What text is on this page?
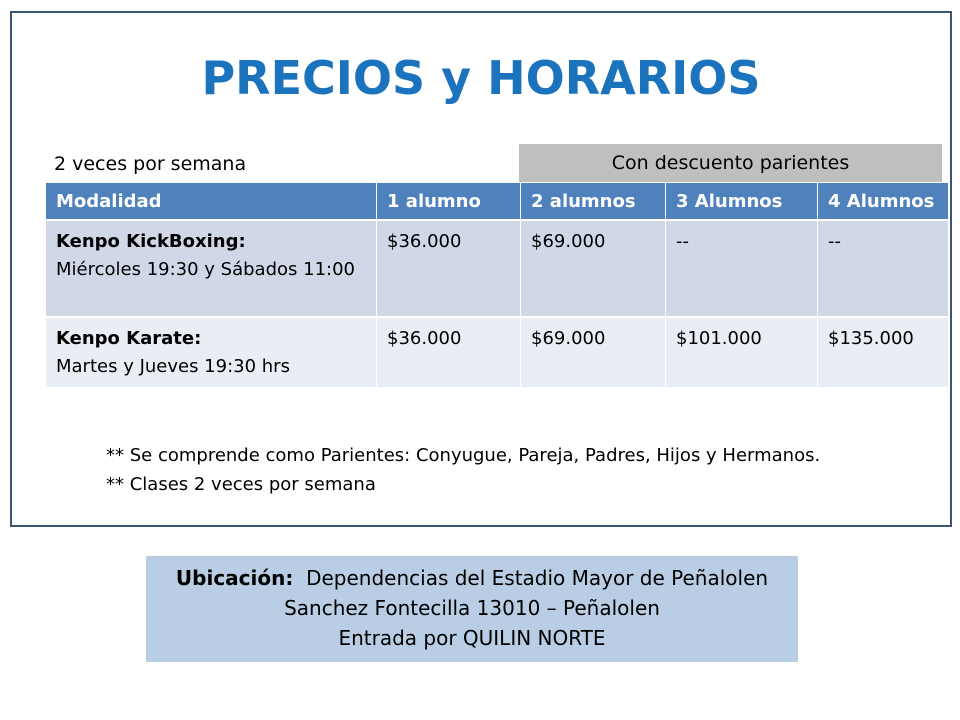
PRECIOS y HORARIOS
2 veces por semana	Con descuento parientes
Modalidad	1 alumno	2 alumnos	3 Alumnos	4 Alumnos

Kenpo KickBoxing:
Miércoles 19:30 y Sábados 11:00	$36.000	$69.000	--	--

Kenpo Karate:
Martes y Jueves 19:30 hrs	$36.000	$69.000	$101.000	$135.000
** Se comprende como Parientes: Conyugue, Pareja, Padres, Hijos y Hermanos.
** Clases 2 veces por semana
Ubicación: Dependencias del Estadio Mayor de Peñalolen
Sanchez Fontecilla 13010 – Peñalolen
Entrada por QUILIN NORTE
